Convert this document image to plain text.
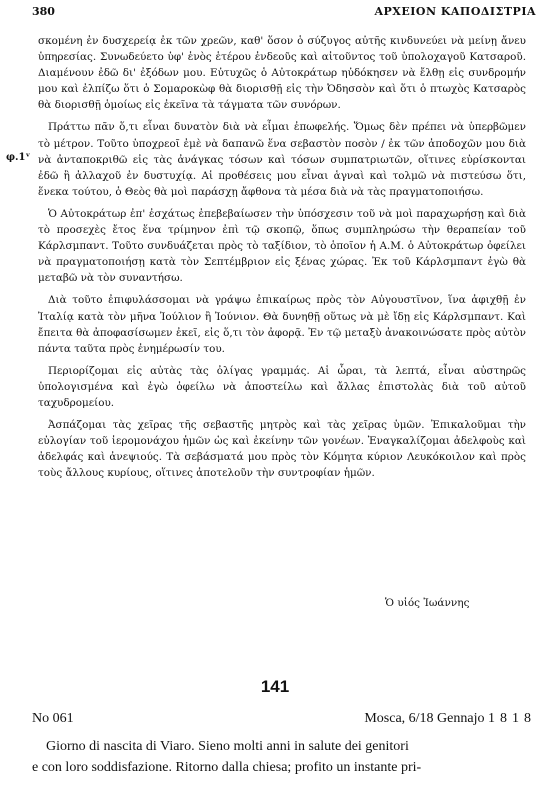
380	ΑΡΧΕΙΟΝ ΚΑΠΟΔΙΣΤΡΙΑ
φ.1ᵛ

σκομένη ἐν δυσχερείᾳ ἐκ τῶν χρεῶν, καθ' ὅσον ὁ σύζυγος αὐτῆς κινδυνεύει νὰ μείνῃ ἄνευ ὑπηρεσίας. Συνωδεύετο ὑφ' ἑνὸς ἑτέρου ἐνδεοῦς καὶ αἰτοῦντος τοῦ ὑπολοχαγοῦ Κατσαροῦ. Διαμένουν ἐδῶ δι' ἐξόδων μου. Εὐτυχῶς ὁ Αὐτοκράτωρ ηὐδόκησεν νὰ ἔλθῃ εἰς συνδρομήν μου καὶ ἐλπίζω ὅτι ὁ Σομαροκὼφ θὰ διορισθῇ εἰς τὴν Ὀδησσὸν καὶ ὅτι ὁ πτωχὸς Κατσαρὸς θὰ διορισθῇ ὁμοίως εἰς ἐκεῖνα τὰ τάγματα τῶν συνόρων.

Πράττω πᾶν ὅ,τι εἶναι δυνατὸν διὰ νὰ εἶμαι ἐπωφελής. Ὅμως δὲν πρέπει νὰ ὑπερβῶμεν τὸ μέτρον. Τοῦτο ὑποχρεοῖ ἐμὲ νὰ δαπανῶ ἕνα σεβαστὸν ποσὸν / ἐκ τῶν ἀποδοχῶν μου διὰ νὰ ἀνταποκριθῶ εἰς τὰς ἀνάγκας τόσων καὶ τόσων συμπατριωτῶν, οἵτινες εὑρίσκονται ἐδῶ ἢ ἀλλαχοῦ ἐν δυστυχίᾳ. Αἱ προθέσεις μου εἶναι ἁγναὶ καὶ τολμῶ νὰ πιστεύσω ὅτι, ἕνεκα τούτου, ὁ Θεὸς θὰ μοὶ παράσχῃ ἄφθονα τὰ μέσα διὰ νὰ τὰς πραγματοποιήσω.

Ὁ Αὐτοκράτωρ ἐπ' ἐσχάτως ἐπεβεβαίωσεν τὴν ὑπόσχεσιν τοῦ νὰ μοὶ παραχωρήσῃ καὶ διὰ τὸ προσεχὲς ἔτος ἕνα τρίμηνον ἐπὶ τῷ σκοπῷ, ὅπως συμπληρώσω τὴν θεραπείαν τοῦ Κάρλσμπαντ. Τοῦτο συνδυάζεται πρὸς τὸ ταξίδιον, τὸ ὁποῖον ἡ Α.Μ. ὁ Αὐτοκράτωρ ὀφείλει νὰ πραγματοποιήσῃ κατὰ τὸν Σεπτέμβριον εἰς ξένας χώρας. Ἐκ τοῦ Κάρλσμπαντ ἐγὼ θὰ μεταβῶ νὰ τὸν συναντήσω.

Διὰ τοῦτο ἐπιφυλάσσομαι νὰ γράψω ἐπικαίρως πρὸς τὸν Αὐγουστῖνον, ἵνα ἀφιχθῇ ἐν Ἰταλίᾳ κατὰ τὸν μῆνα Ἰούλιον ἢ Ἰούνιον. Θὰ δυνηθῇ οὕτως νὰ μὲ ἴδῃ εἰς Κάρλσμπαντ. Καὶ ἔπειτα θὰ ἀποφασίσωμεν ἐκεῖ, εἰς ὅ,τι τὸν ἀφορᾷ. Ἐν τῷ μεταξὺ ἀνακοινώσατε πρὸς αὐτὸν πάντα ταῦτα πρὸς ἐνημέρωσίν του.

Περιορίζομαι εἰς αὐτὰς τὰς ὀλίγας γραμμάς. Αἱ ὧραι, τὰ λεπτά, εἶναι αὐστηρῶς ὑπολογισμένα καὶ ἐγὼ ὀφείλω νὰ ἀποστείλω καὶ ἄλλας ἐπιστολὰς διὰ τοῦ αὐτοῦ ταχυδρομείου.

Ἀσπάζομαι τὰς χεῖρας τῆς σεβαστῆς μητρὸς καὶ τὰς χεῖρας ὑμῶν. Ἐπικαλοῦμαι τὴν εὐλογίαν τοῦ ἱερομονάχου ἡμῶν ὡς καὶ ἐκείνην τῶν γονέων. Ἐναγκαλίζομαι ἀδελφοὺς καὶ ἀδελφάς καὶ ἀνεψιούς. Τὰ σεβάσματά μου πρὸς τὸν Κόμητα κύριον Λευκόκοιλον καὶ πρὸς τοὺς ἄλλους κυρίους, οἵτινες ἀποτελοῦν τὴν συντροφίαν ἡμῶν.

Ὁ υἱός Ἰωάννης
141
No 061	Mosca, 6/18 Gennajo 1818
Giorno di nascita di Viaro. Sieno molti anni in salute dei genitori
e con loro soddisfazione. Ritorno dalla chiesa; profito un instante pri-
